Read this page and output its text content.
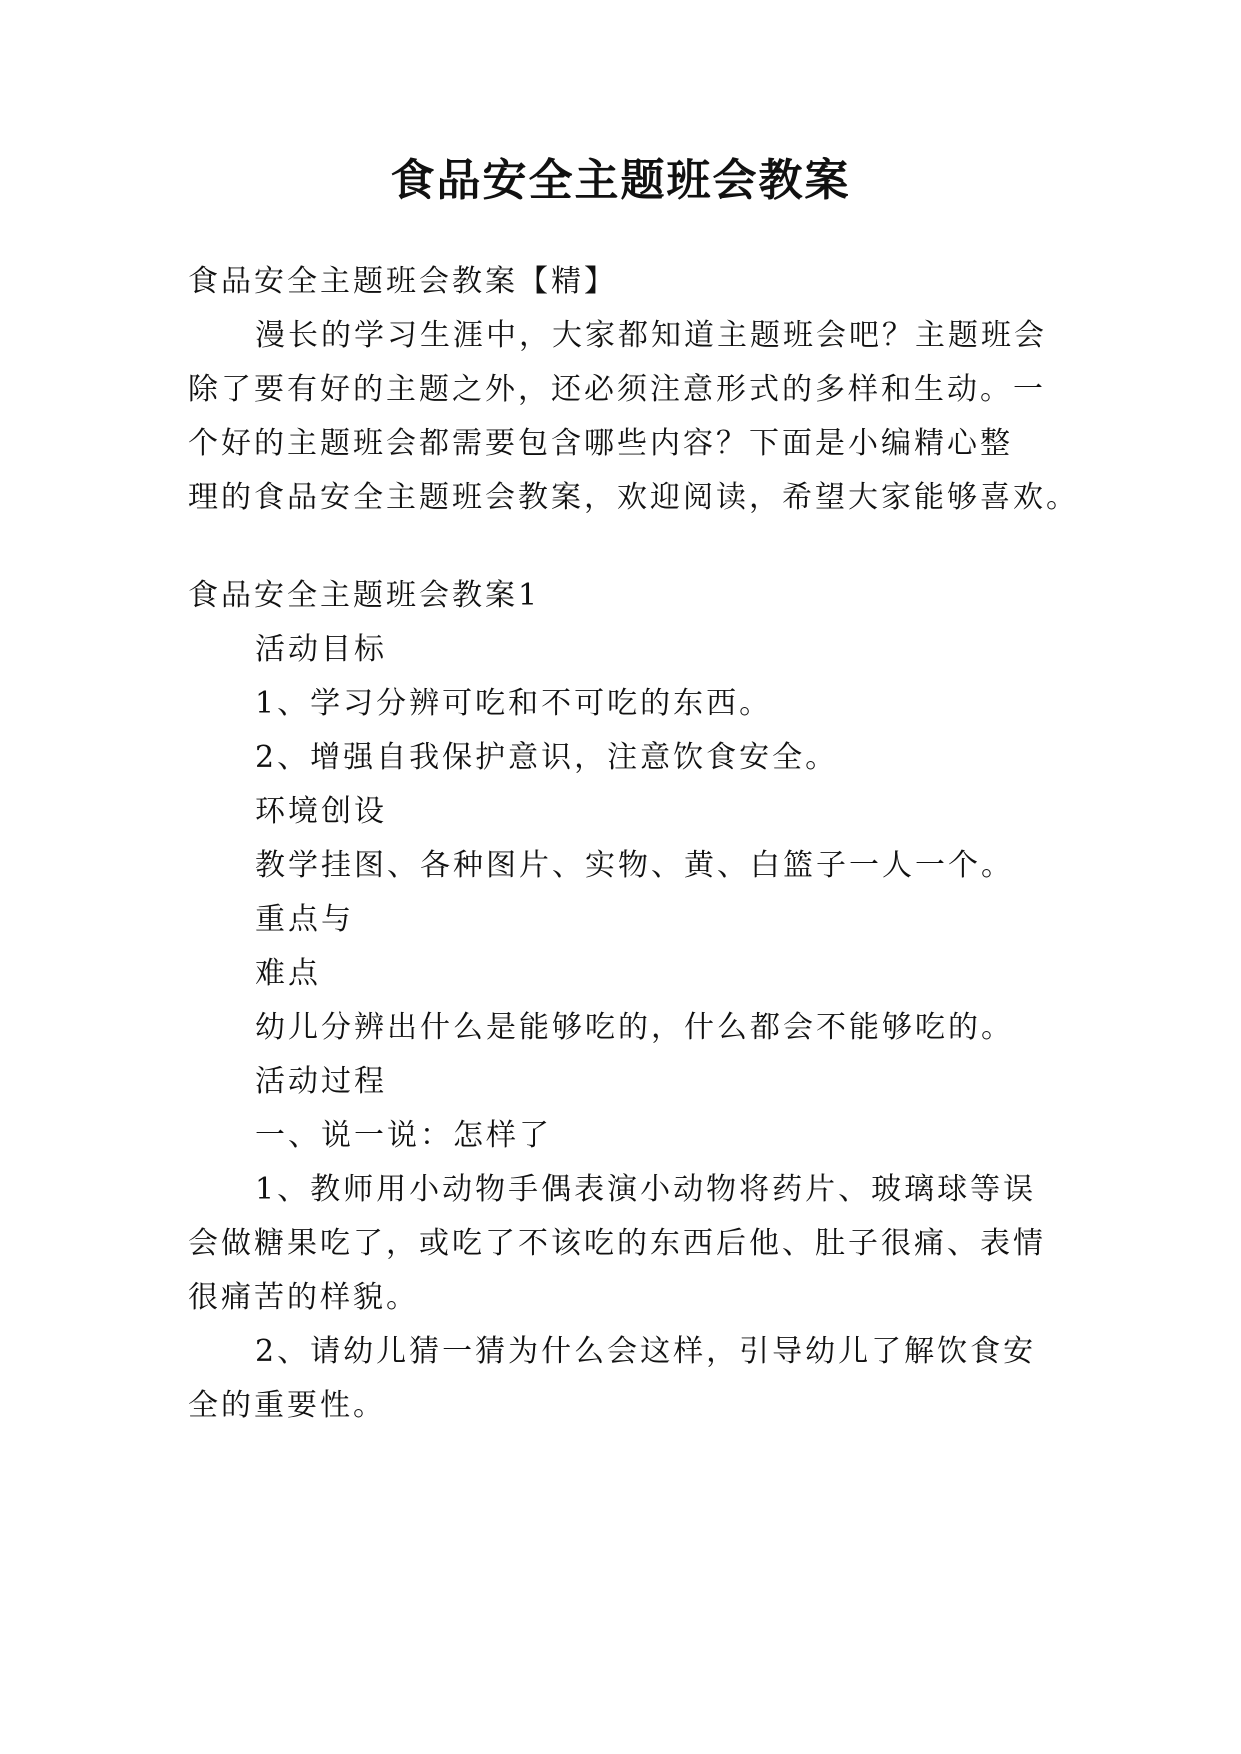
食品安全主题班会教案
食品安全主题班会教案【精】
漫长的学习生涯中，大家都知道主题班会吧？主题班会
除了要有好的主题之外，还必须注意形式的多样和生动。一
个好的主题班会都需要包含哪些内容？下面是小编精心整
理的食品安全主题班会教案，欢迎阅读，希望大家能够喜欢。
食品安全主题班会教案1
活动目标
1、学习分辨可吃和不可吃的东西。
2、增强自我保护意识，注意饮食安全。
环境创设
教学挂图、各种图片、实物、黄、白篮子一人一个。
重点与
难点
幼儿分辨出什么是能够吃的，什么都会不能够吃的。
活动过程
一、说一说：怎样了
1、教师用小动物手偶表演小动物将药片、玻璃球等误
会做糖果吃了，或吃了不该吃的东西后他、肚子很痛、表情
很痛苦的样貌。
2、请幼儿猜一猜为什么会这样，引导幼儿了解饮食安
全的重要性。
